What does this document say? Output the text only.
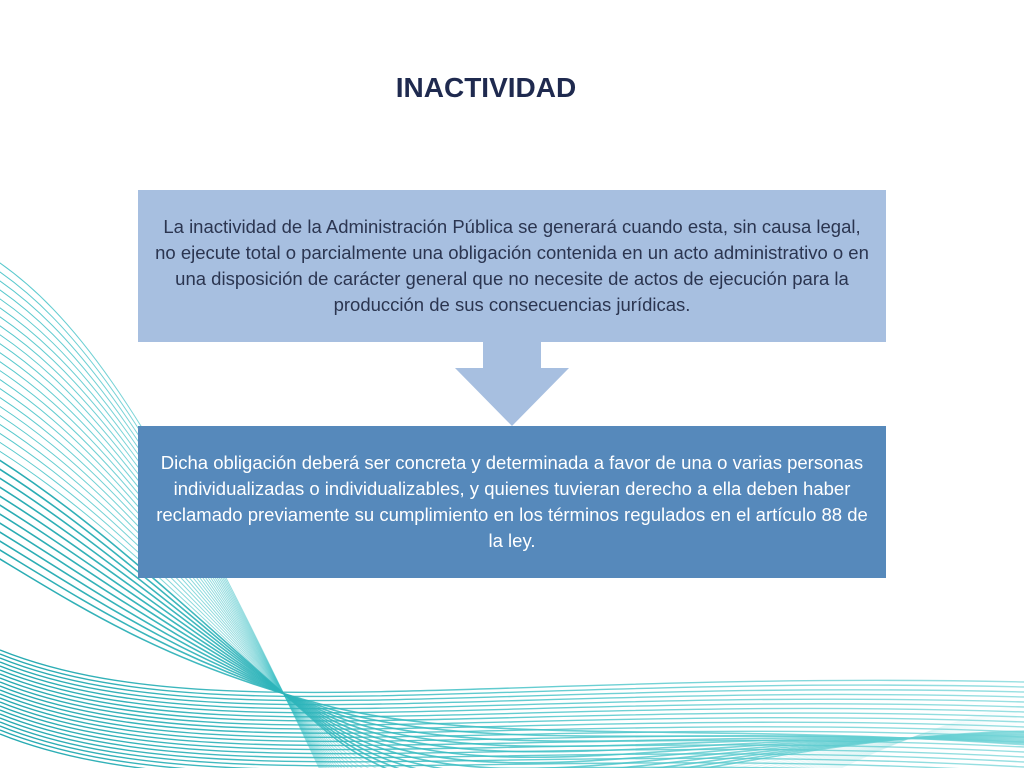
INACTIVIDAD
La inactividad de la Administración Pública se generará cuando esta, sin causa legal, no ejecute total o parcialmente una obligación contenida en un acto administrativo o en una disposición de carácter general que no necesite de actos de ejecución para la producción de sus consecuencias jurídicas.
Dicha obligación deberá ser concreta y determinada a favor de una o varias personas individualizadas o individualizables, y quienes tuvieran derecho a ella deben haber reclamado previamente su cumplimiento en los términos regulados en el artículo 88 de la ley.
